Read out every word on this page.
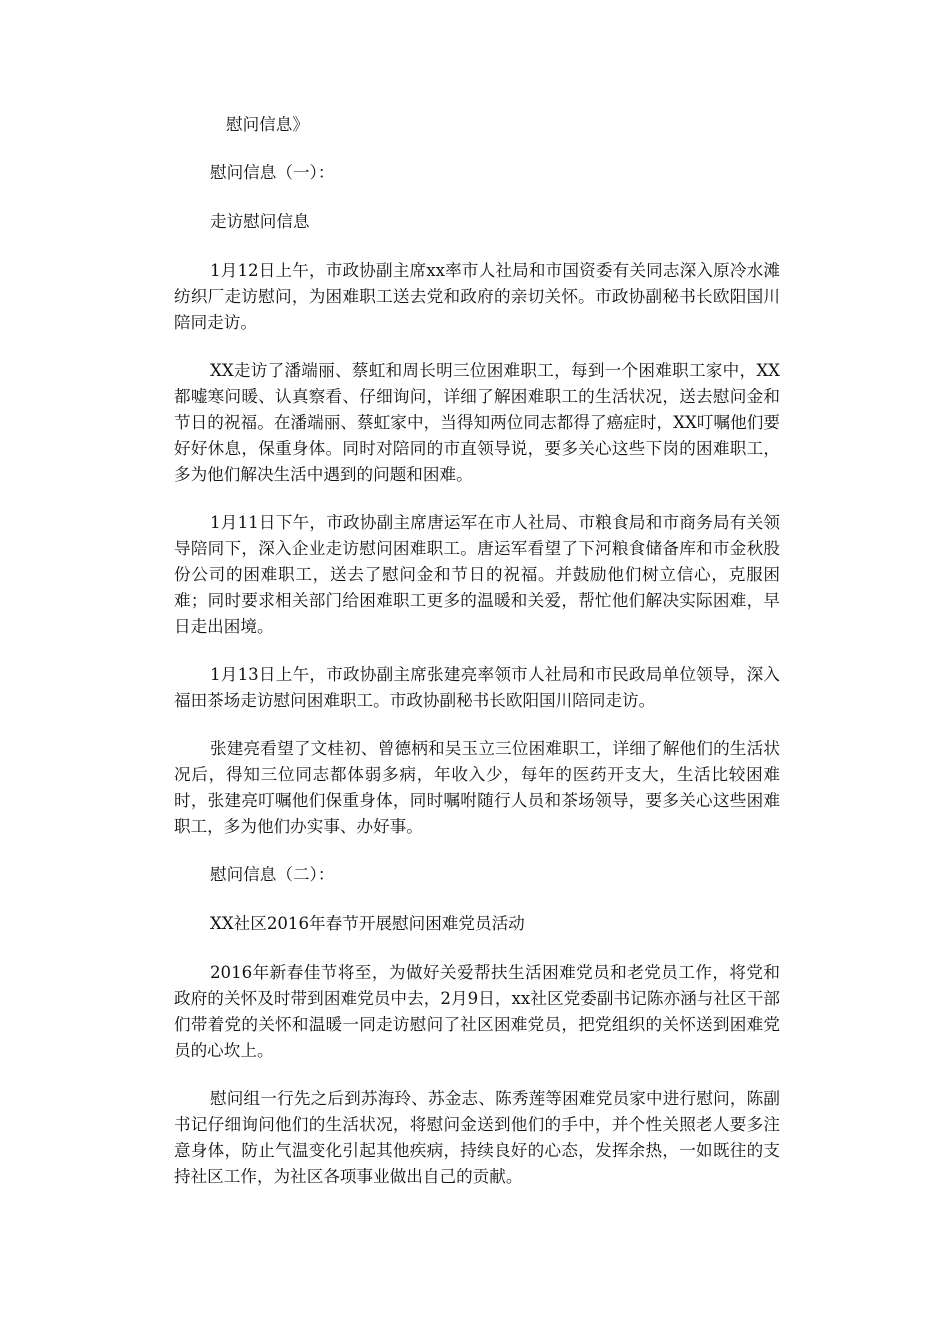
慰问信息》
慰问信息（一）：
走访慰问信息

1月12日上午，市政协副主席xx率市人社局和市国资委有关同志深入原冷水滩纺织厂走访慰问，为困难职工送去党和政府的亲切关怀。市政协副秘书长欧阳国川陪同走访。

XX走访了潘端丽、蔡虹和周长明三位困难职工，每到一个困难职工家中，XX都嘘寒问暖、认真察看、仔细询问，详细了解困难职工的生活状况，送去慰问金和节日的祝福。在潘端丽、蔡虹家中，当得知两位同志都得了癌症时，XX叮嘱他们要好好休息，保重身体。同时对陪同的市直领导说，要多关心这些下岗的困难职工，多为他们解决生活中遇到的问题和困难。

1月11日下午，市政协副主席唐运军在市人社局、市粮食局和市商务局有关领导陪同下，深入企业走访慰问困难职工。唐运军看望了下河粮食储备库和市金秋股份公司的困难职工，送去了慰问金和节日的祝福。并鼓励他们树立信心，克服困难；同时要求相关部门给困难职工更多的温暖和关爱，帮忙他们解决实际困难，早日走出困境。

1月13日上午，市政协副主席张建亮率领市人社局和市民政局单位领导，深入福田茶场走访慰问困难职工。市政协副秘书长欧阳国川陪同走访。

张建亮看望了文桂初、曾德柄和吴玉立三位困难职工，详细了解他们的生活状况后，得知三位同志都体弱多病，年收入少，每年的医药开支大，生活比较困难时，张建亮叮嘱他们保重身体，同时嘱咐随行人员和茶场领导，要多关心这些困难职工，多为他们办实事、办好事。

慰问信息（二）：
XX社区2016年春节开展慰问困难党员活动

2016年新春佳节将至，为做好关爱帮扶生活困难党员和老党员工作，将党和政府的关怀及时带到困难党员中去，2月9日，xx社区党委副书记陈亦涵与社区干部们带着党的关怀和温暖一同走访慰问了社区困难党员，把党组织的关怀送到困难党员的心坎上。

慰问组一行先之后到苏海玲、苏金志、陈秀莲等困难党员家中进行慰问，陈副书记仔细询问他们的生活状况，将慰问金送到他们的手中，并个性关照老人要多注意身体，防止气温变化引起其他疾病，持续良好的心态，发挥余热，一如既往的支持社区工作，为社区各项事业做出自己的贡献。
